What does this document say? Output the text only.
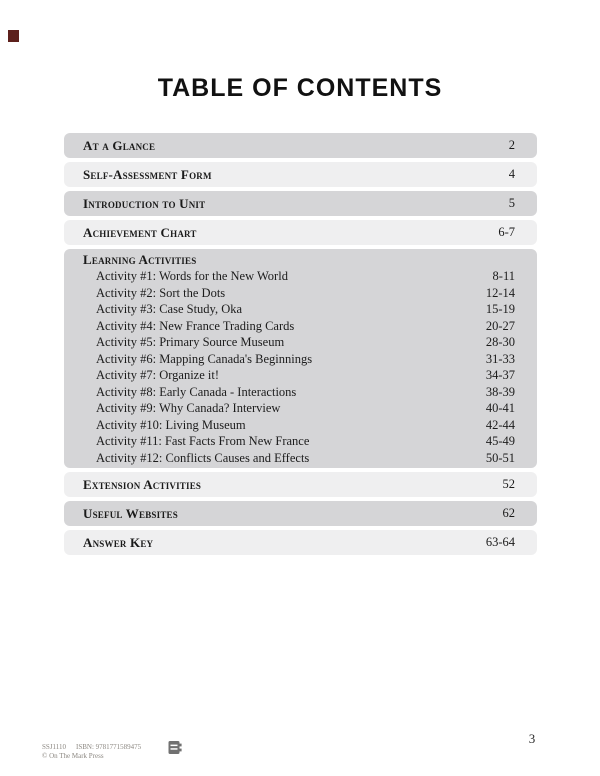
TABLE OF CONTENTS
At a Glance	2
Self-Assessment Form	4
Introduction to Unit	5
Achievement Chart	6-7
Learning Activities
Activity #1: Words for the New World	8-11
Activity #2: Sort the Dots	12-14
Activity #3: Case Study, Oka	15-19
Activity #4: New France Trading Cards	20-27
Activity #5: Primary Source Museum	28-30
Activity #6: Mapping Canada's Beginnings	31-33
Activity #7: Organize it!	34-37
Activity #8: Early Canada - Interactions	38-39
Activity #9: Why Canada? Interview	40-41
Activity #10: Living Museum	42-44
Activity #11: Fast Facts From New France	45-49
Activity #12: Conflicts Causes and Effects	50-51
Extension Activities	52
Useful Websites	62
Answer Key	63-64
SSJ1110 ISBN: 9781771589475
© On The Mark Press
3
